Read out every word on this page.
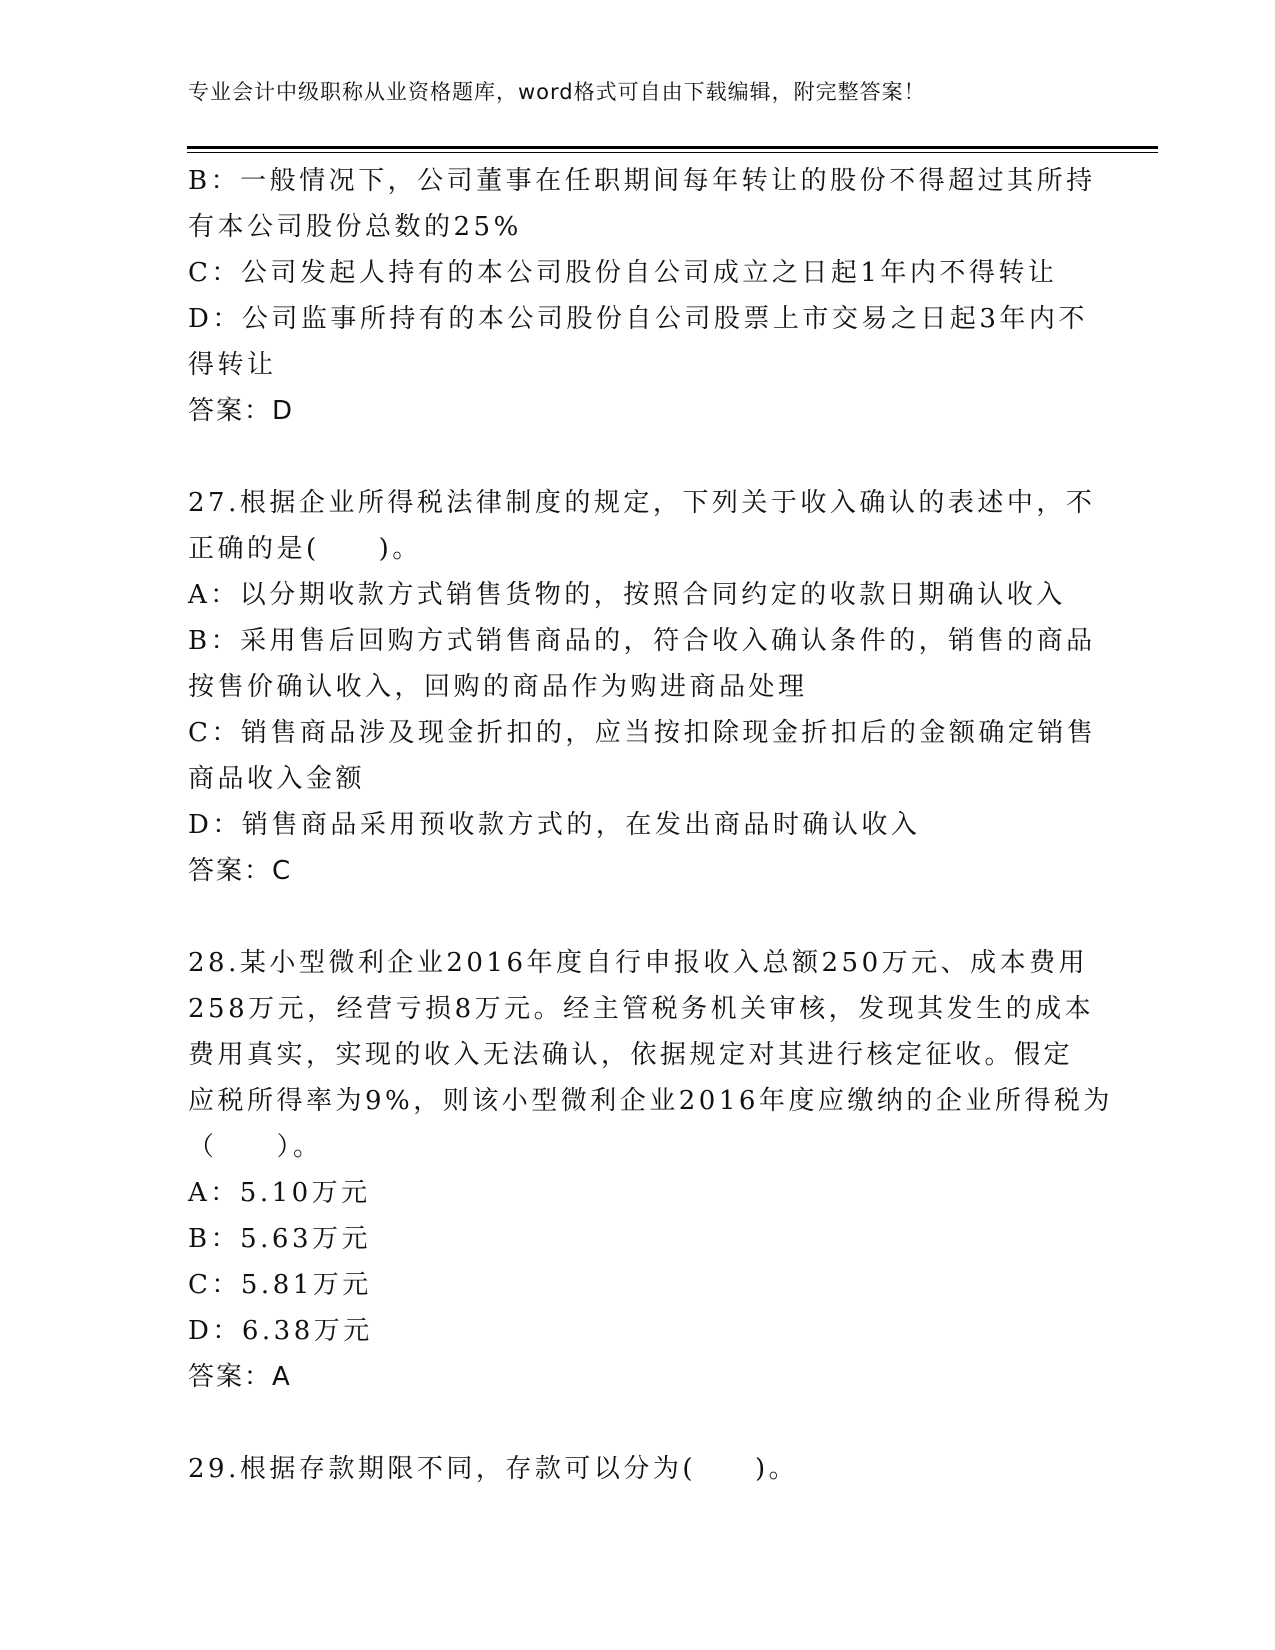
专业会计中级职称从业资格题库，word格式可自由下载编辑，附完整答案！
B：一般情况下，公司董事在任职期间每年转让的股份不得超过其所持
有本公司股份总数的25%
C：公司发起人持有的本公司股份自公司成立之日起1年内不得转让
D：公司监事所持有的本公司股份自公司股票上市交易之日起3年内不
得转让
答案：D
27.根据企业所得税法律制度的规定，下列关于收入确认的表述中，不
正确的是(　　)。
A：以分期收款方式销售货物的，按照合同约定的收款日期确认收入
B：采用售后回购方式销售商品的，符合收入确认条件的，销售的商品
按售价确认收入，回购的商品作为购进商品处理
C：销售商品涉及现金折扣的，应当按扣除现金折扣后的金额确定销售
商品收入金额
D：销售商品采用预收款方式的，在发出商品时确认收入
答案：C
28.某小型微利企业2016年度自行申报收入总额250万元、成本费用
258万元，经营亏损8万元。经主管税务机关审核，发现其发生的成本
费用真实，实现的收入无法确认，依据规定对其进行核定征收。假定
应税所得率为9%，则该小型微利企业2016年度应缴纳的企业所得税为
（　　）。
A：5.10万元
B：5.63万元
C：5.81万元
D：6.38万元
答案：A
29.根据存款期限不同，存款可以分为(　　)。
